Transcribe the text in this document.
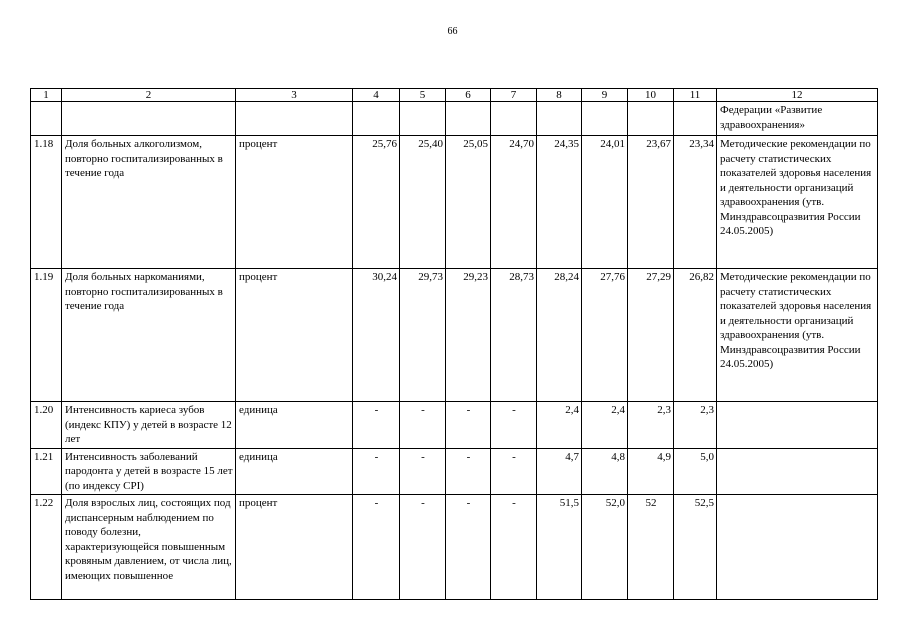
66
1	2	3	4	5	6	7	8	9	10	11	12
											Федерации «Развитие здравоохранения»
1.18	Доля больных алкоголизмом, повторно госпитализированных в течение года	процент	25,76	25,40	25,05	24,70	24,35	24,01	23,67	23,34	Методические рекомендации по расчету статистических показателей здоровья населения и деятельности организаций здравоохранения (утв. Минздравсоцразвития России 24.05.2005)
1.19	Доля больных наркоманиями, повторно госпитализированных в течение года	процент	30,24	29,73	29,23	28,73	28,24	27,76	27,29	26,82	Методические рекомендации по расчету статистических показателей здоровья населения и деятельности организаций здравоохранения (утв. Минздравсоцразвития России 24.05.2005)
1.20	Интенсивность кариеса зубов (индекс КПУ) у детей в возрасте 12 лет	единица	-	-	-	-	2,4	2,4	2,3	2,3	
1.21	Интенсивность заболеваний пародонта у детей в возрасте 15 лет (по индексу CPI)	единица	-	-	-	-	4,7	4,8	4,9	5,0	
1.22	Доля взрослых лиц, состоящих под диспансерным наблюдением по поводу болезни, характеризующейся повышенным кровяным давлением, от числа лиц, имеющих повышенное	процент	-	-	-	-	51,5	52,0	52	52,5	
